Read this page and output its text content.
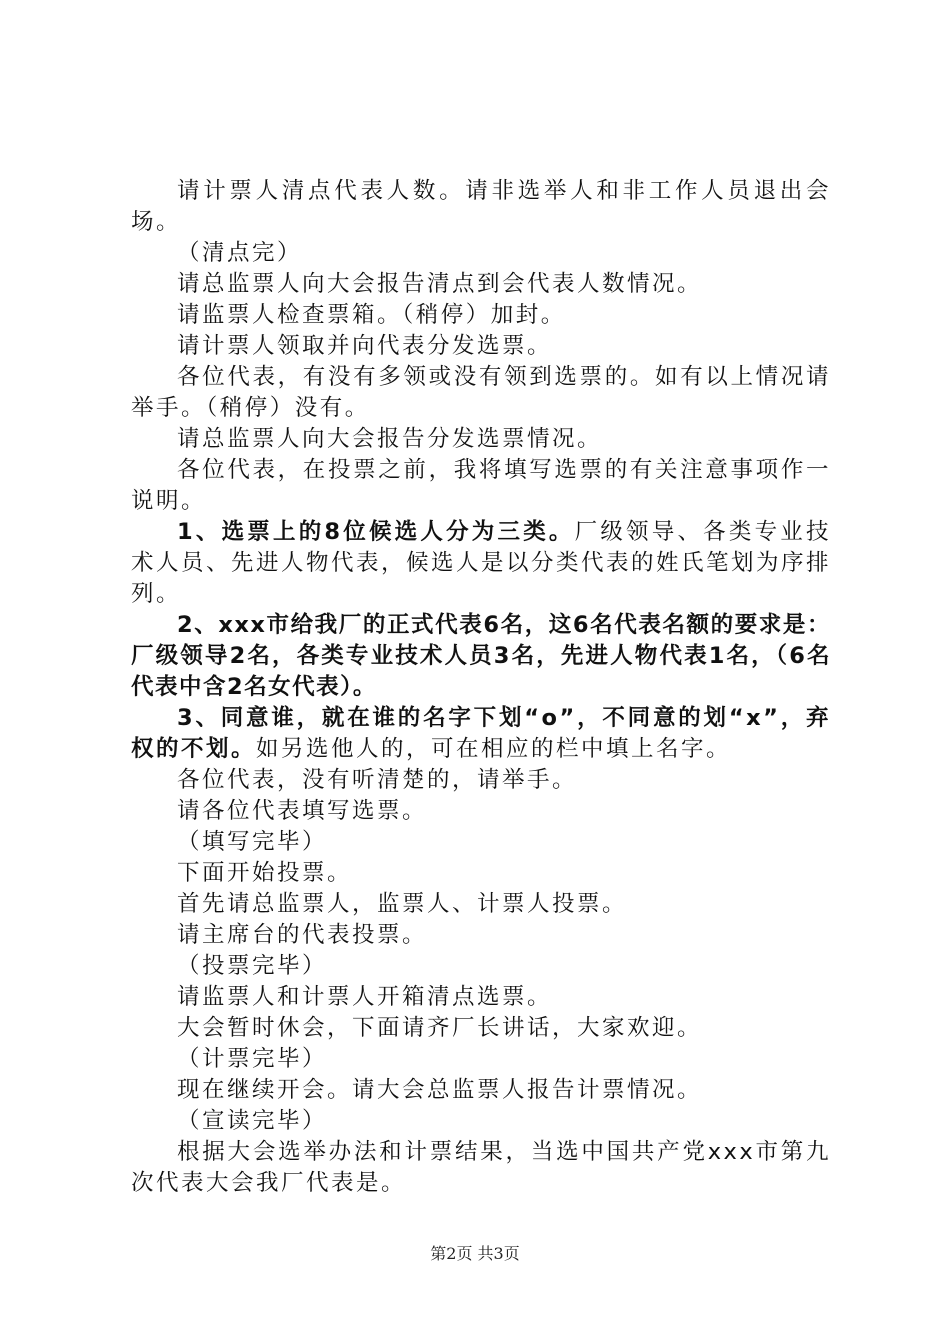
请计票人清点代表人数。请非选举人和非工作人员退出会场。

（清点完）

请总监票人向大会报告清点到会代表人数情况。

请监票人检查票箱。（稍停）加封。

请计票人领取并向代表分发选票。

各位代表，有没有多领或没有领到选票的。如有以上情况请举手。（稍停）没有。

请总监票人向大会报告分发选票情况。

各位代表，在投票之前，我将填写选票的有关注意事项作一说明。

1、选票上的8位候选人分为三类。厂级领导、各类专业技术人员、先进人物代表，候选人是以分类代表的姓氏笔划为序排列。

2、xxx市给我厂的正式代表6名，这6名代表名额的要求是：厂级领导2名，各类专业技术人员3名，先进人物代表1名，（6名代表中含2名女代表）。

3、同意谁，就在谁的名字下划“o”，不同意的划“x”，弃权的不划。如另选他人的，可在相应的栏中填上名字。

各位代表，没有听清楚的，请举手。

请各位代表填写选票。

（填写完毕）

下面开始投票。

首先请总监票人，监票人、计票人投票。

请主席台的代表投票。

（投票完毕）

请监票人和计票人开箱清点选票。

大会暂时休会，下面请齐厂长讲话，大家欢迎。

（计票完毕）

现在继续开会。请大会总监票人报告计票情况。

（宣读完毕）

根据大会选举办法和计票结果，当选中国共产党xxx市第九次代表大会我厂代表是。

第2页 共3页
